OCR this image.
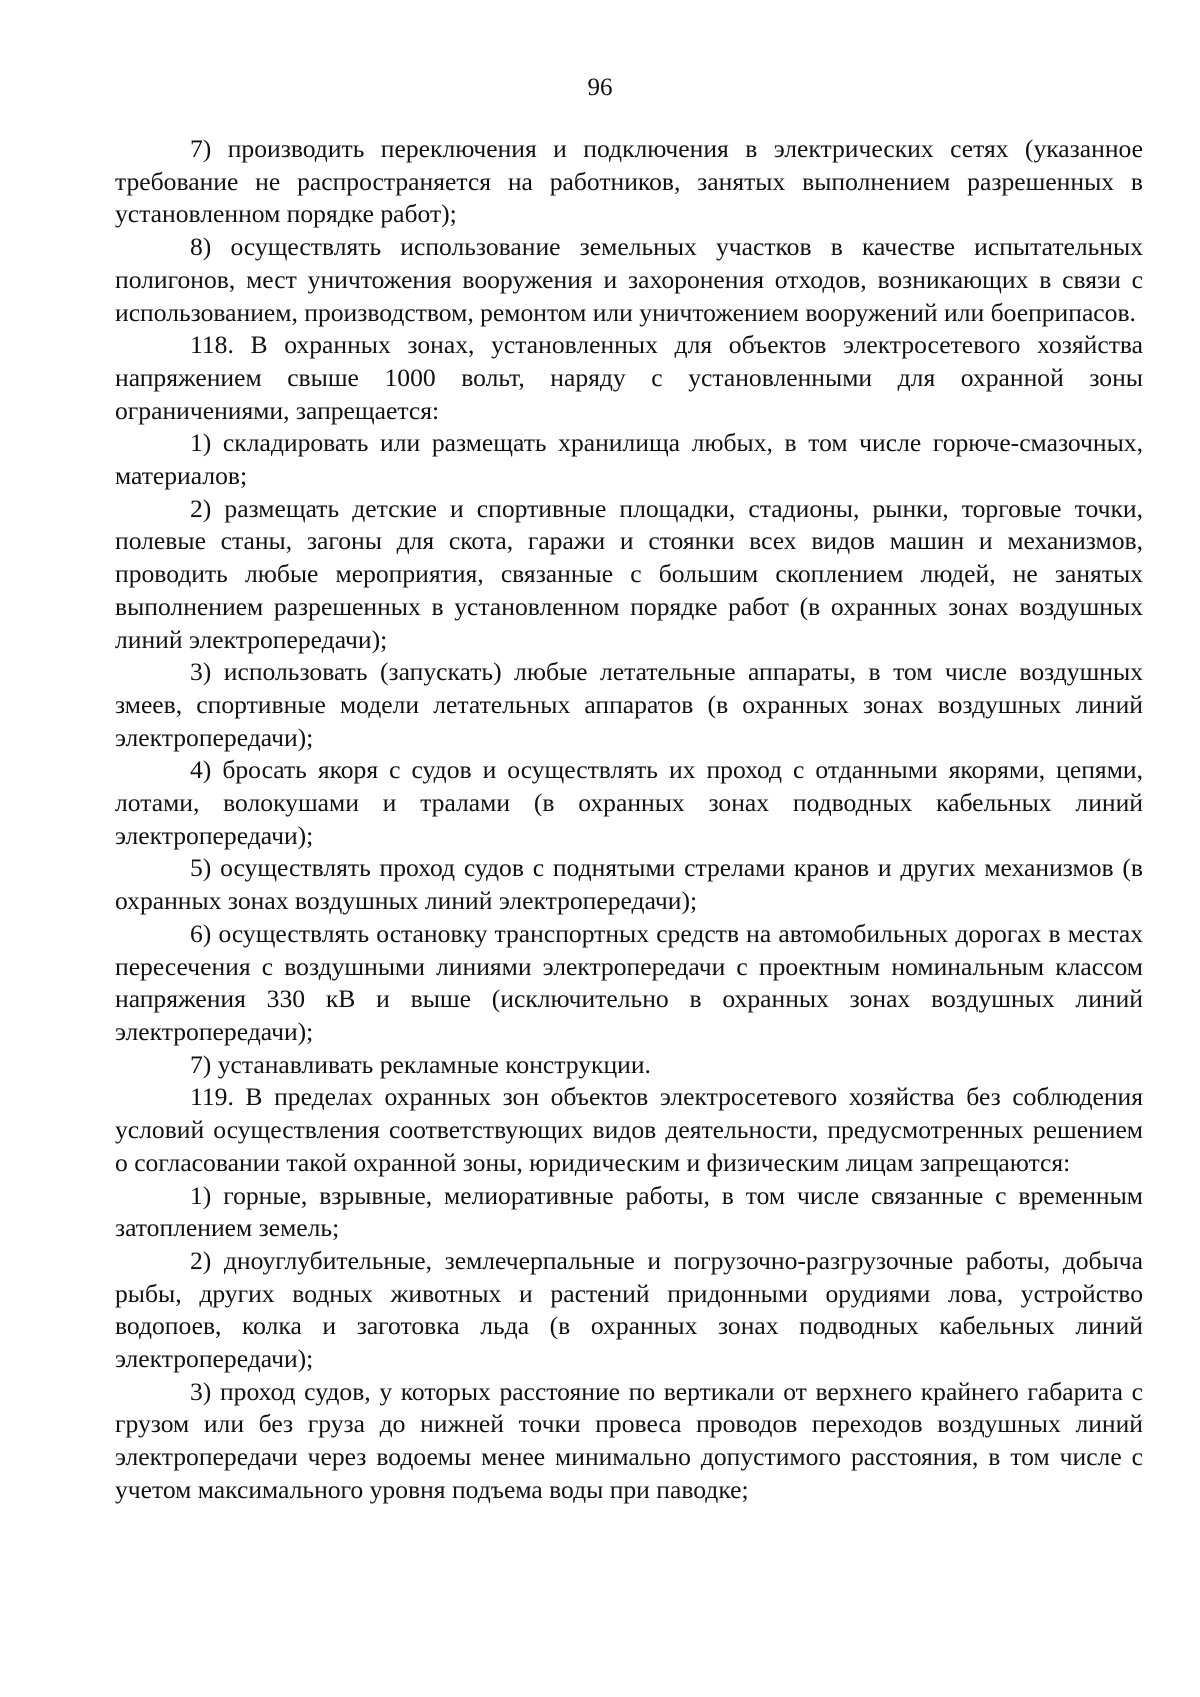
96

7) производить переключения и подключения в электрических сетях (указанное требование не распространяется на работников, занятых выполнением разрешенных в установленном порядке работ);

8) осуществлять использование земельных участков в качестве испытательных полигонов, мест уничтожения вооружения и захоронения отходов, возникающих в связи с использованием, производством, ремонтом или уничтожением вооружений или боеприпасов.

118. В охранных зонах, установленных для объектов электросетевого хозяйства напряжением свыше 1000 вольт, наряду с установленными для охранной зоны ограничениями, запрещается:

1) складировать или размещать хранилища любых, в том числе горюче-смазочных, материалов;

2) размещать детские и спортивные площадки, стадионы, рынки, торговые точки, полевые станы, загоны для скота, гаражи и стоянки всех видов машин и механизмов, проводить любые мероприятия, связанные с большим скоплением людей, не занятых выполнением разрешенных в установленном порядке работ (в охранных зонах воздушных линий электропередачи);

3) использовать (запускать) любые летательные аппараты, в том числе воздушных змеев, спортивные модели летательных аппаратов (в охранных зонах воздушных линий электропередачи);

4) бросать якоря с судов и осуществлять их проход с отданными якорями, цепями, лотами, волокушами и тралами (в охранных зонах подводных кабельных линий электропередачи);

5) осуществлять проход судов с поднятыми стрелами кранов и других механизмов (в охранных зонах воздушных линий электропередачи);

6) осуществлять остановку транспортных средств на автомобильных дорогах в местах пересечения с воздушными линиями электропередачи с проектным номинальным классом напряжения 330 кВ и выше (исключительно в охранных зонах воздушных линий электропередачи);

7) устанавливать рекламные конструкции.

119. В пределах охранных зон объектов электросетевого хозяйства без соблюдения условий осуществления соответствующих видов деятельности, предусмотренных решением о согласовании такой охранной зоны, юридическим и физическим лицам запрещаются:

1) горные, взрывные, мелиоративные работы, в том числе связанные с временным затоплением земель;

2) дноуглубительные, землечерпальные и погрузочно-разгрузочные работы, добыча рыбы, других водных животных и растений придонными орудиями лова, устройство водопоев, колка и заготовка льда (в охранных зонах подводных кабельных линий электропередачи);

3) проход судов, у которых расстояние по вертикали от верхнего крайнего габарита с грузом или без груза до нижней точки провеса проводов переходов воздушных линий электропередачи через водоемы менее минимально допустимого расстояния, в том числе с учетом максимального уровня подъема воды при паводке;
